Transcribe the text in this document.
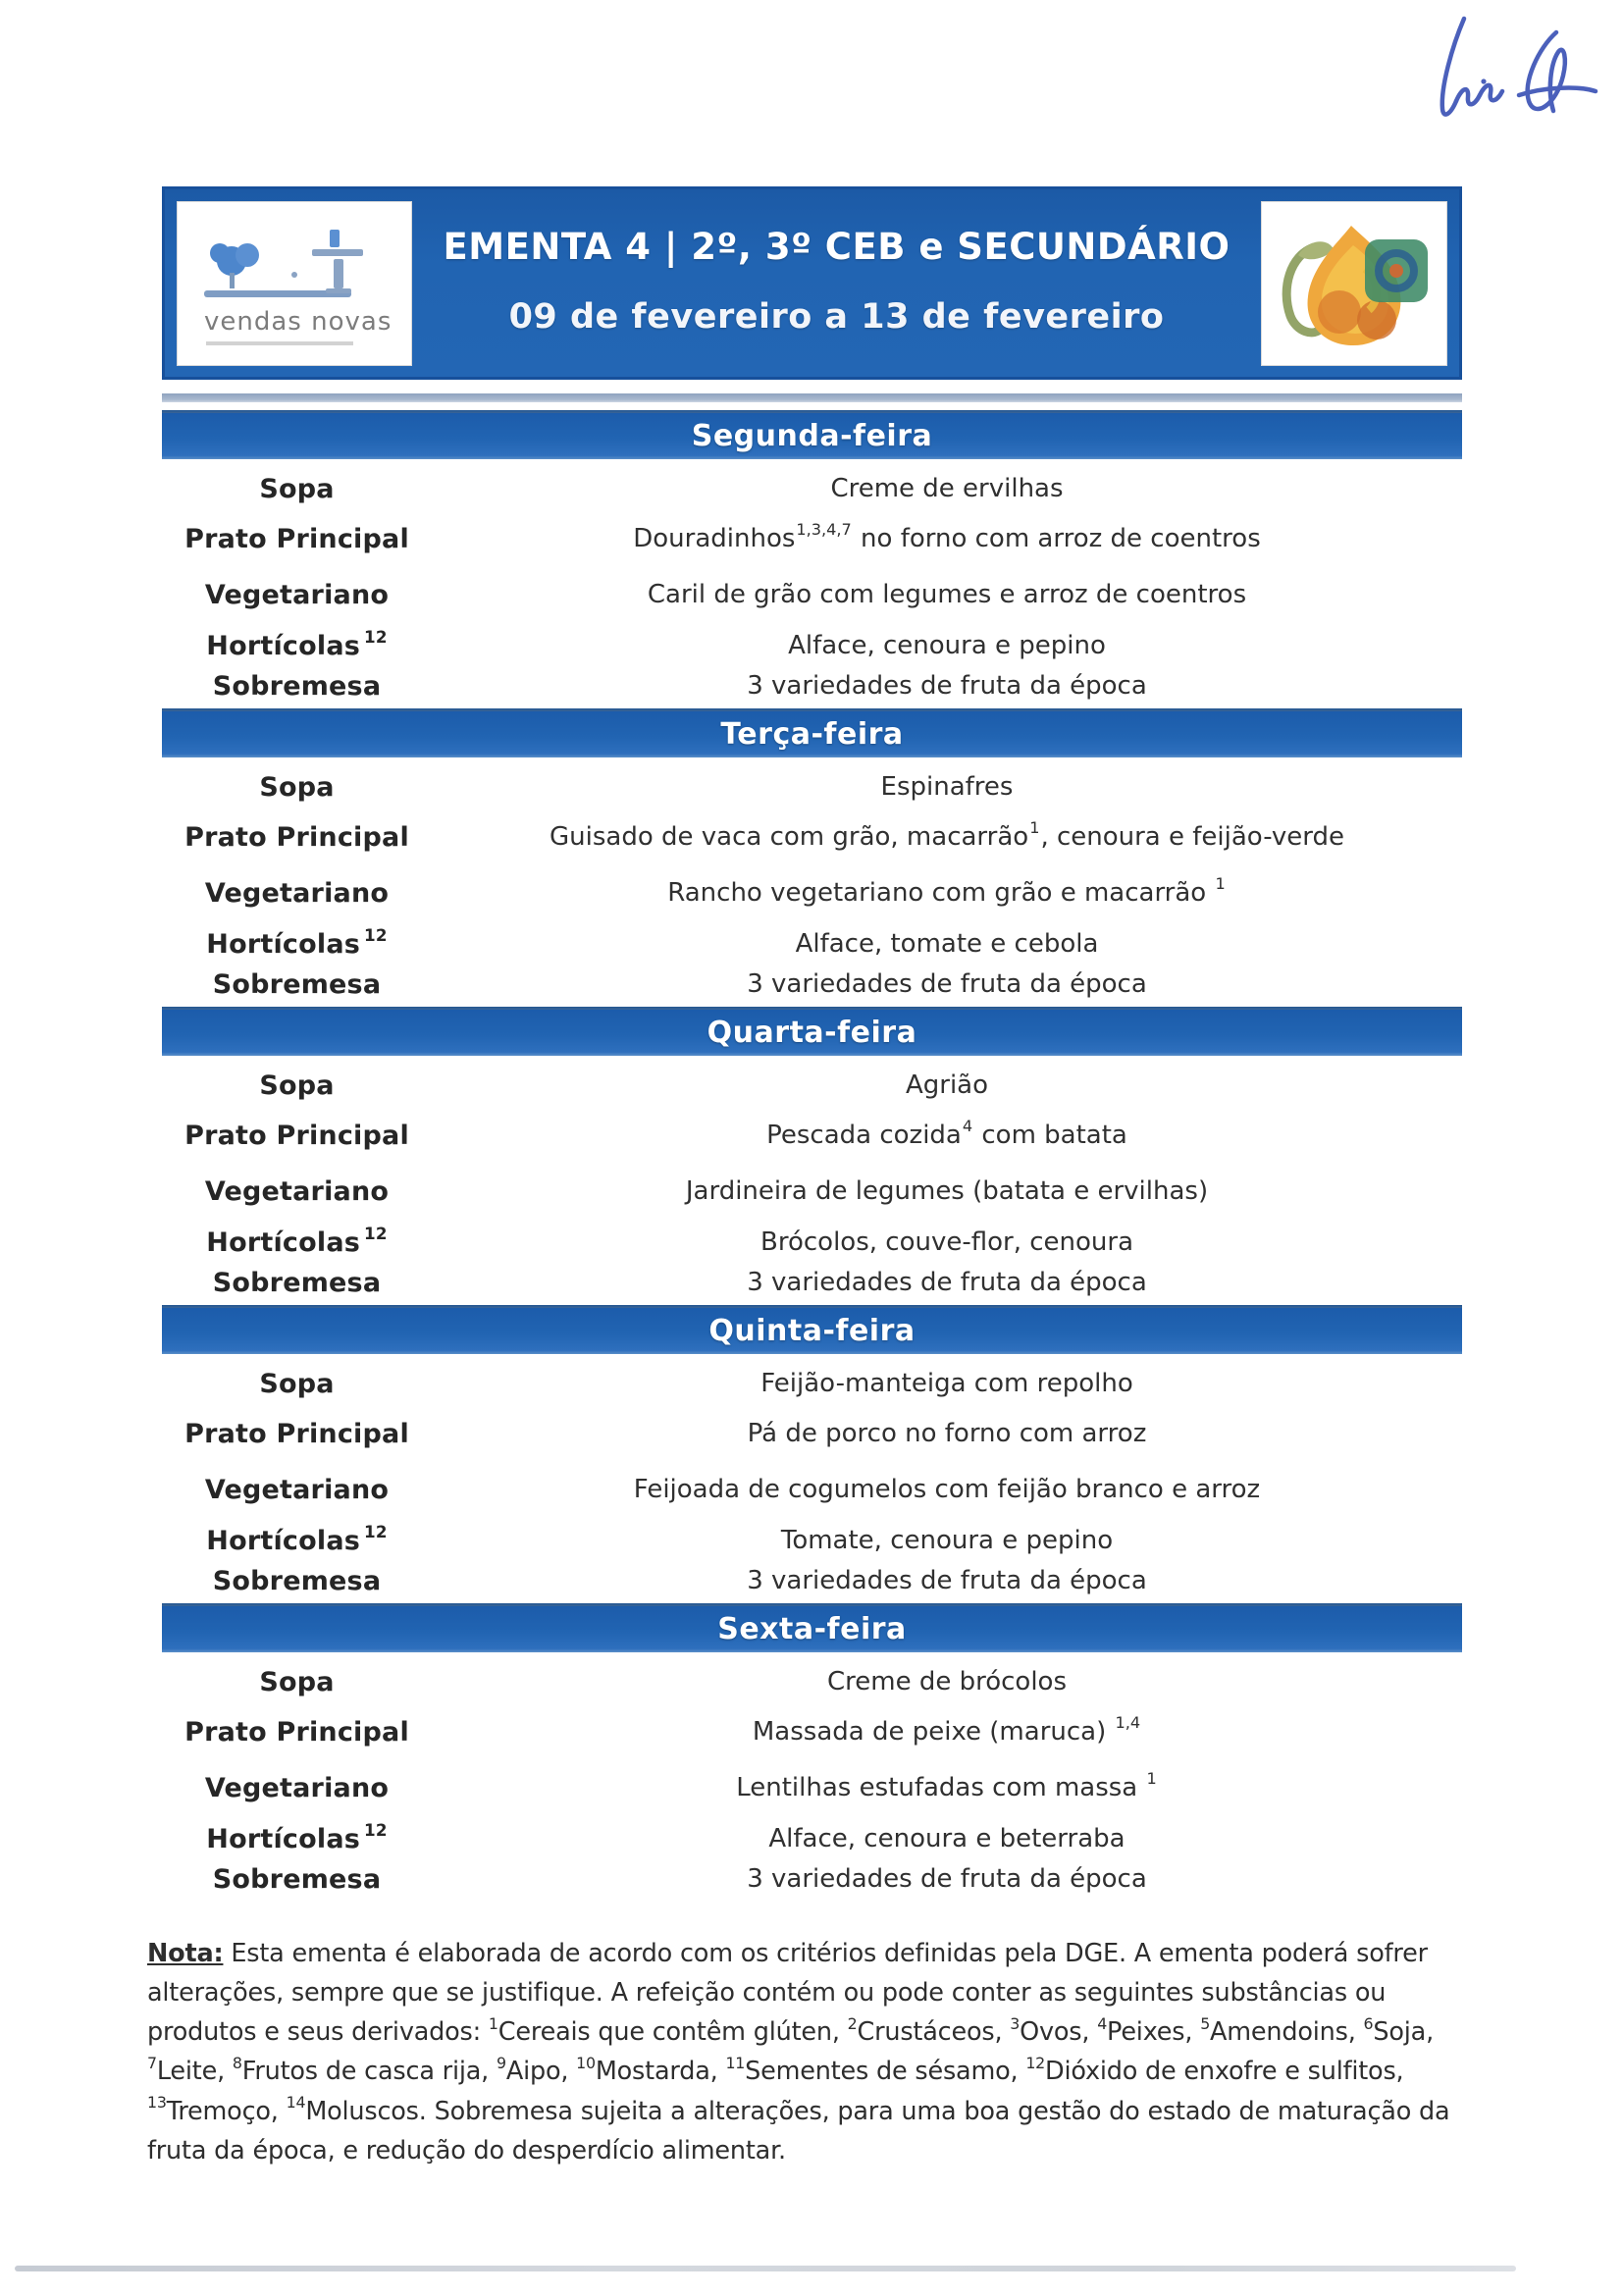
vendas novas
EMENTA 4 | 2º, 3º CEB e SECUNDÁRIO
09 de fevereiro a 13 de fevereiro
Segunda-feira
Sopa	Creme de ervilhas
Prato Principal	Douradinhos$^{1,3,4,7}$ no forno com arroz de coentros
Vegetariano	Caril de grão com legumes e arroz de coentros
Hortícolas $^{12}$	Alface, cenoura e pepino
Sobremesa	3 variedades de fruta da época
Terça-feira
Sopa	Espinafres
Prato Principal	Guisado de vaca com grão, macarrão$^1$, cenoura e feijão-verde
Vegetariano	Rancho vegetariano com grão e macarrão $^1$
Hortícolas $^{12}$	Alface, tomate e cebola
Sobremesa	3 variedades de fruta da época
Quarta-feira
Sopa	Agrião
Prato Principal	Pescada cozida$^4$ com batata
Vegetariano	Jardineira de legumes (batata e ervilhas)
Hortícolas $^{12}$	Brócolos, couve-flor, cenoura
Sobremesa	3 variedades de fruta da época
Quinta-feira
Sopa	Feijão-manteiga com repolho
Prato Principal	Pá de porco no forno com arroz
Vegetariano	Feijoada de cogumelos com feijão branco e arroz
Hortícolas $^{12}$	Tomate, cenoura e pepino
Sobremesa	3 variedades de fruta da época
Sexta-feira
Sopa	Creme de brócolos
Prato Principal	Massada de peixe (maruca) $^{1,4}$
Vegetariano	Lentilhas estufadas com massa $^1$
Hortícolas $^{12}$	Alface, cenoura e beterraba
Sobremesa	3 variedades de fruta da época

Nota: Esta ementa é elaborada de acordo com os critérios definidas pela DGE. A ementa poderá sofrer alterações, sempre que se justifique. A refeição contém ou pode conter as seguintes substâncias ou produtos e seus derivados: $^1$Cereais que contêm glúten, $^2$Crustáceos, $^3$Ovos, $^4$Peixes, $^5$Amendoins, $^6$Soja, $^7$Leite, $^8$Frutos de casca rija, $^9$Aipo, $^{10}$Mostarda, $^{11}$Sementes de sésamo, $^{12}$Dióxido de enxofre e sulfitos, $^{13}$Tremoço, $^{14}$Moluscos. Sobremesa sujeita a alterações, para uma boa gestão do estado de maturação da fruta da época, e redução do desperdício alimentar.
